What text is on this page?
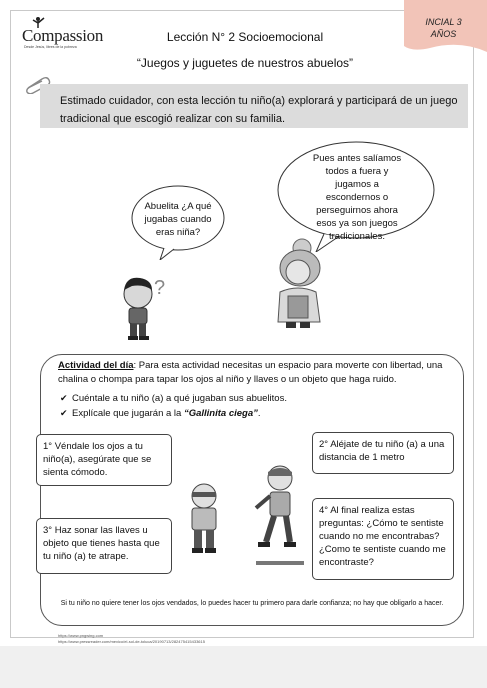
Compassion
Desde Jesús, libres de la pobreza
INCIAL 3
AÑOS
Lección N° 2 Socioemocional
“Juegos y juguetes de nuestros abuelos”
Estimado cuidador, con esta lección tu niño(a) explorará y participará de un juego tradicional que escogió realizar con su familia.
Abuelita ¿A qué jugabas cuando eras niña?
Pues antes salíamos todos a fuera y jugamos a escondernos o perseguirnos ahora esos ya son juegos tradicionales.
?
Actividad del día: Para esta actividad necesitas un espacio para moverte con libertad, una chalina o chompa para tapar los ojos al niño y llaves o un objeto que haga ruido.
✔ Cuéntale a tu niño (a) a qué jugaban sus abuelitos.
✔ Explícale que jugarán a la “Gallinita ciega”.
1° Véndale los ojos a tu niño(a), asegúrate que se sienta cómodo.
2° Aléjate de tu niño (a) a una distancia de 1 metro
3° Haz sonar las llaves u objeto que tienes hasta que tu niño (a) te atrape.
4° Al final realiza estas preguntas: ¿Cómo te sentiste cuando no me encontrabas? ¿Como te sentiste cuando me encontraste?
Si tu niño no quiere tener los ojos vendados, lo puedes hacer tu primero para darle confianza; no hay que obligarlo a hacer.
https://www.pngwing.com
https://www.pressreader.com/mexico/el-sol-de-toluca/20190713/282475415433615
